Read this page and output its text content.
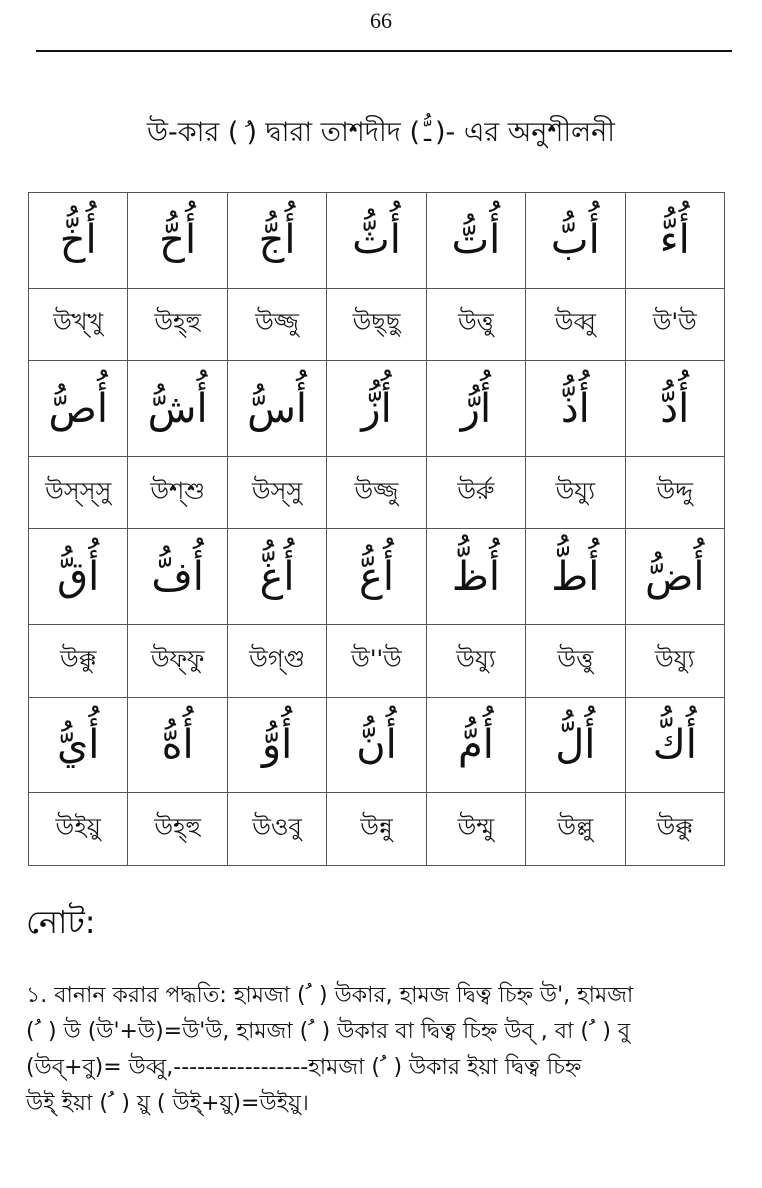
66
উ-কার ( ) দ্বারা তাশদীদ ( ـُّ )- এর অনুশীলনী
أُخُّ	أُحُّ	أُجُّ	أُثُّ	أُتُّ	أُبُّ	أُءُّ
উখ্খু	উহ্হু	উজ্জু	উছ্ছু	উত্তু	উব্বু	উ'উ
أُصُّ	أُشُّ	أُسُّ	أُزُّ	أُرُّ	أُذُّ	أُدُّ
উস্স্সু	উশ্শু	উস্সু	উজ্জু	উর্রু	উয্যু	উদ্দু
أُقُّ	أُفُّ	أُغُّ	أُعُّ	أُظُّ	أُطُّ	أُضُّ
উক্কু	উফ্ফু	উগ্গু	উ''উ	উয্যু	উত্তু	উয্যু
أُيُّ	أُهُّ	أُوُّ	أُنُّ	أُمُّ	أُلُّ	أُكُّ
উইয়ু	উহ্হু	উওবু	উন্নু	উম্মু	উল্লু	উক্কু
নোট:
১. বানান করার পদ্ধতি: হামজা ( ُ ) উকার, হামজ দ্বিত্ব চিহ্ন উ', হামজা
( ُ ) উ (উ'+উ)=উ'উ, হামজা ( ُ ) উকার বা দ্বিত্ব চিহ্ন উব্ , বা ( ُ ) বু
(উব্+বু)= উব্বু,-----------------হামজা ( ُ ) উকার ইয়া দ্বিত্ব চিহ্ন
উই্ ইয়া ( ُ ) য়ু ( উই্+য়ু)=উইয়ু।
